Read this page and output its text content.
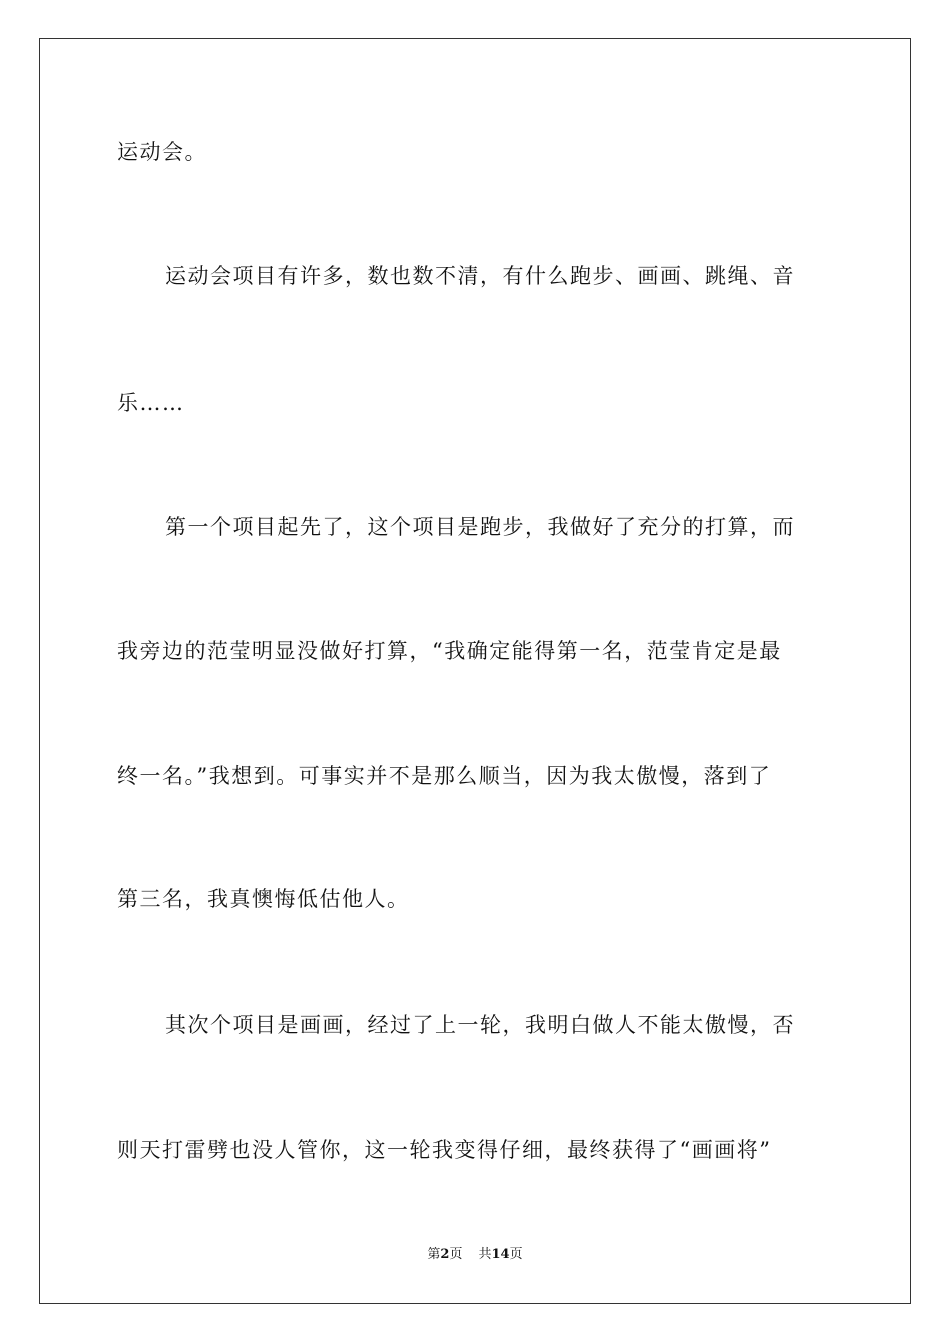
运动会。
运动会项目有许多，数也数不清，有什么跑步、画画、跳绳、音
乐……
第一个项目起先了，这个项目是跑步，我做好了充分的打算，而
我旁边的范莹明显没做好打算，“我确定能得第一名，范莹肯定是最
终一名。”我想到。可事实并不是那么顺当，因为我太傲慢，落到了
第三名，我真懊悔低估他人。
其次个项目是画画，经过了上一轮，我明白做人不能太傲慢，否
则天打雷劈也没人管你，这一轮我变得仔细，最终获得了“画画将”
第2页 共14页
